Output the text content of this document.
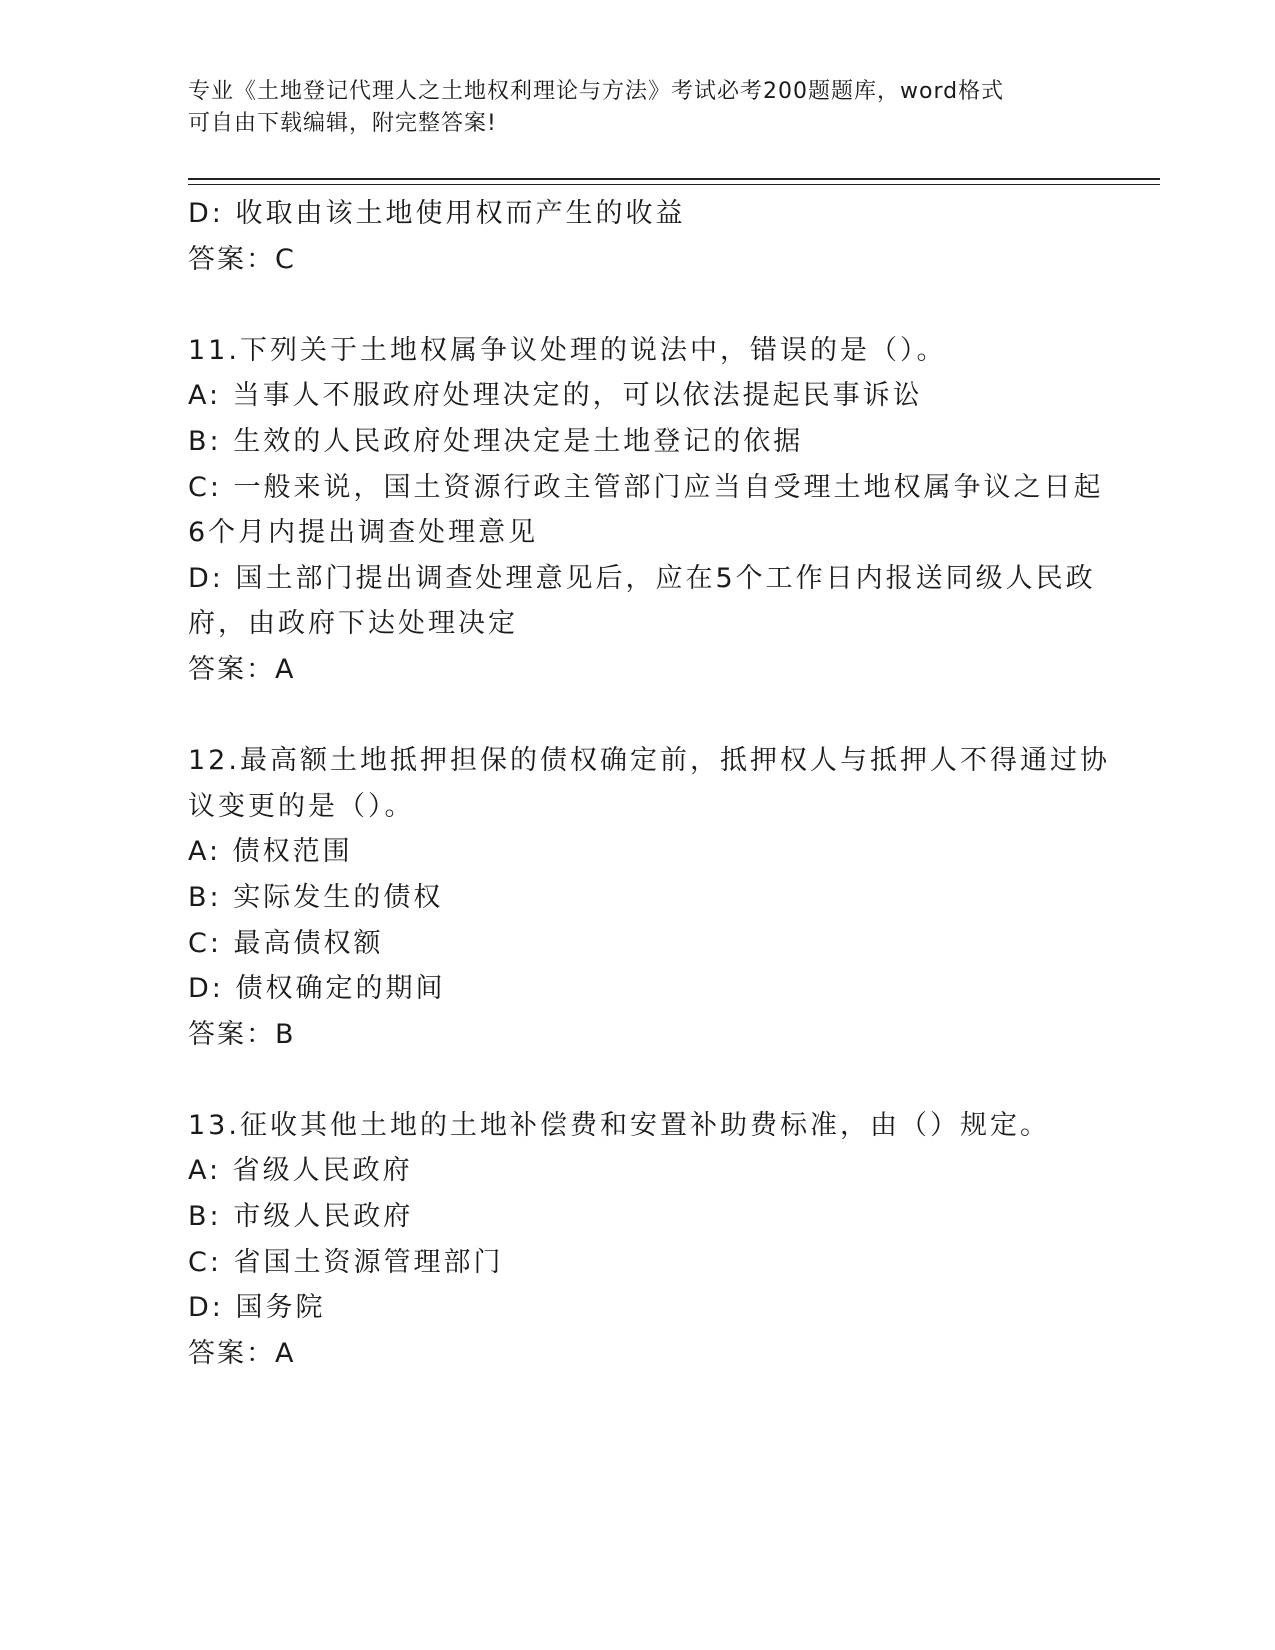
专业《土地登记代理人之土地权利理论与方法》考试必考200题题库，word格式
可自由下载编辑，附完整答案!
D: 收取由该土地使用权而产生的收益
答案：C
11.下列关于土地权属争议处理的说法中，错误的是（）。
A: 当事人不服政府处理决定的，可以依法提起民事诉讼
B: 生效的人民政府处理决定是土地登记的依据
C: 一般来说，国土资源行政主管部门应当自受理土地权属争议之日起
6个月内提出调查处理意见
D: 国土部门提出调查处理意见后，应在5个工作日内报送同级人民政
府，由政府下达处理决定
答案：A
12.最高额土地抵押担保的债权确定前，抵押权人与抵押人不得通过协
议变更的是（）。
A: 债权范围
B: 实际发生的债权
C: 最高债权额
D: 债权确定的期间
答案：B
13.征收其他土地的土地补偿费和安置补助费标准，由（）规定。
A: 省级人民政府
B: 市级人民政府
C: 省国土资源管理部门
D: 国务院
答案：A
